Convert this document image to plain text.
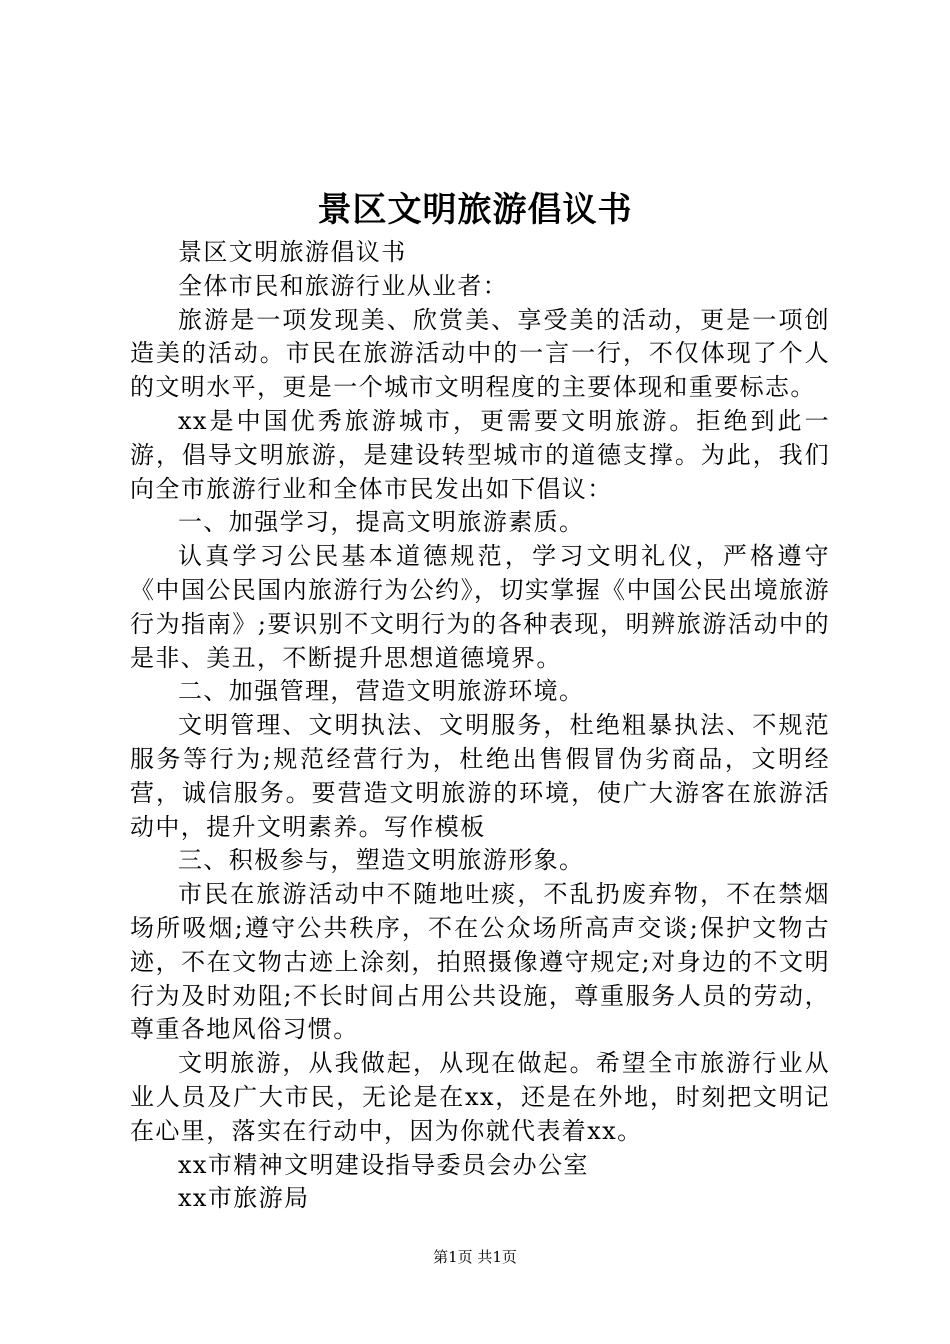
景区文明旅游倡议书

景区文明旅游倡议书

全体市民和旅游行业从业者：

旅游是一项发现美、欣赏美、享受美的活动，更是一项创造美的活动。市民在旅游活动中的一言一行，不仅体现了个人的文明水平，更是一个城市文明程度的主要体现和重要标志。

xx是中国优秀旅游城市，更需要文明旅游。拒绝到此一游，倡导文明旅游，是建设转型城市的道德支撑。为此，我们向全市旅游行业和全体市民发出如下倡议：

一、加强学习，提高文明旅游素质。

认真学习公民基本道德规范，学习文明礼仪，严格遵守《中国公民国内旅游行为公约》，切实掌握《中国公民出境旅游行为指南》;要识别不文明行为的各种表现，明辨旅游活动中的是非、美丑，不断提升思想道德境界。

二、加强管理，营造文明旅游环境。

文明管理、文明执法、文明服务，杜绝粗暴执法、不规范服务等行为;规范经营行为，杜绝出售假冒伪劣商品，文明经营，诚信服务。要营造文明旅游的环境，使广大游客在旅游活动中，提升文明素养。写作模板

三、积极参与，塑造文明旅游形象。

市民在旅游活动中不随地吐痰，不乱扔废弃物，不在禁烟场所吸烟;遵守公共秩序，不在公众场所高声交谈;保护文物古迹，不在文物古迹上涂刻，拍照摄像遵守规定;对身边的不文明行为及时劝阻;不长时间占用公共设施，尊重服务人员的劳动，尊重各地风俗习惯。

文明旅游，从我做起，从现在做起。希望全市旅游行业从业人员及广大市民，无论是在xx，还是在外地，时刻把文明记在心里，落实在行动中，因为你就代表着xx。

xx市精神文明建设指导委员会办公室

xx市旅游局

第1页 共1页
